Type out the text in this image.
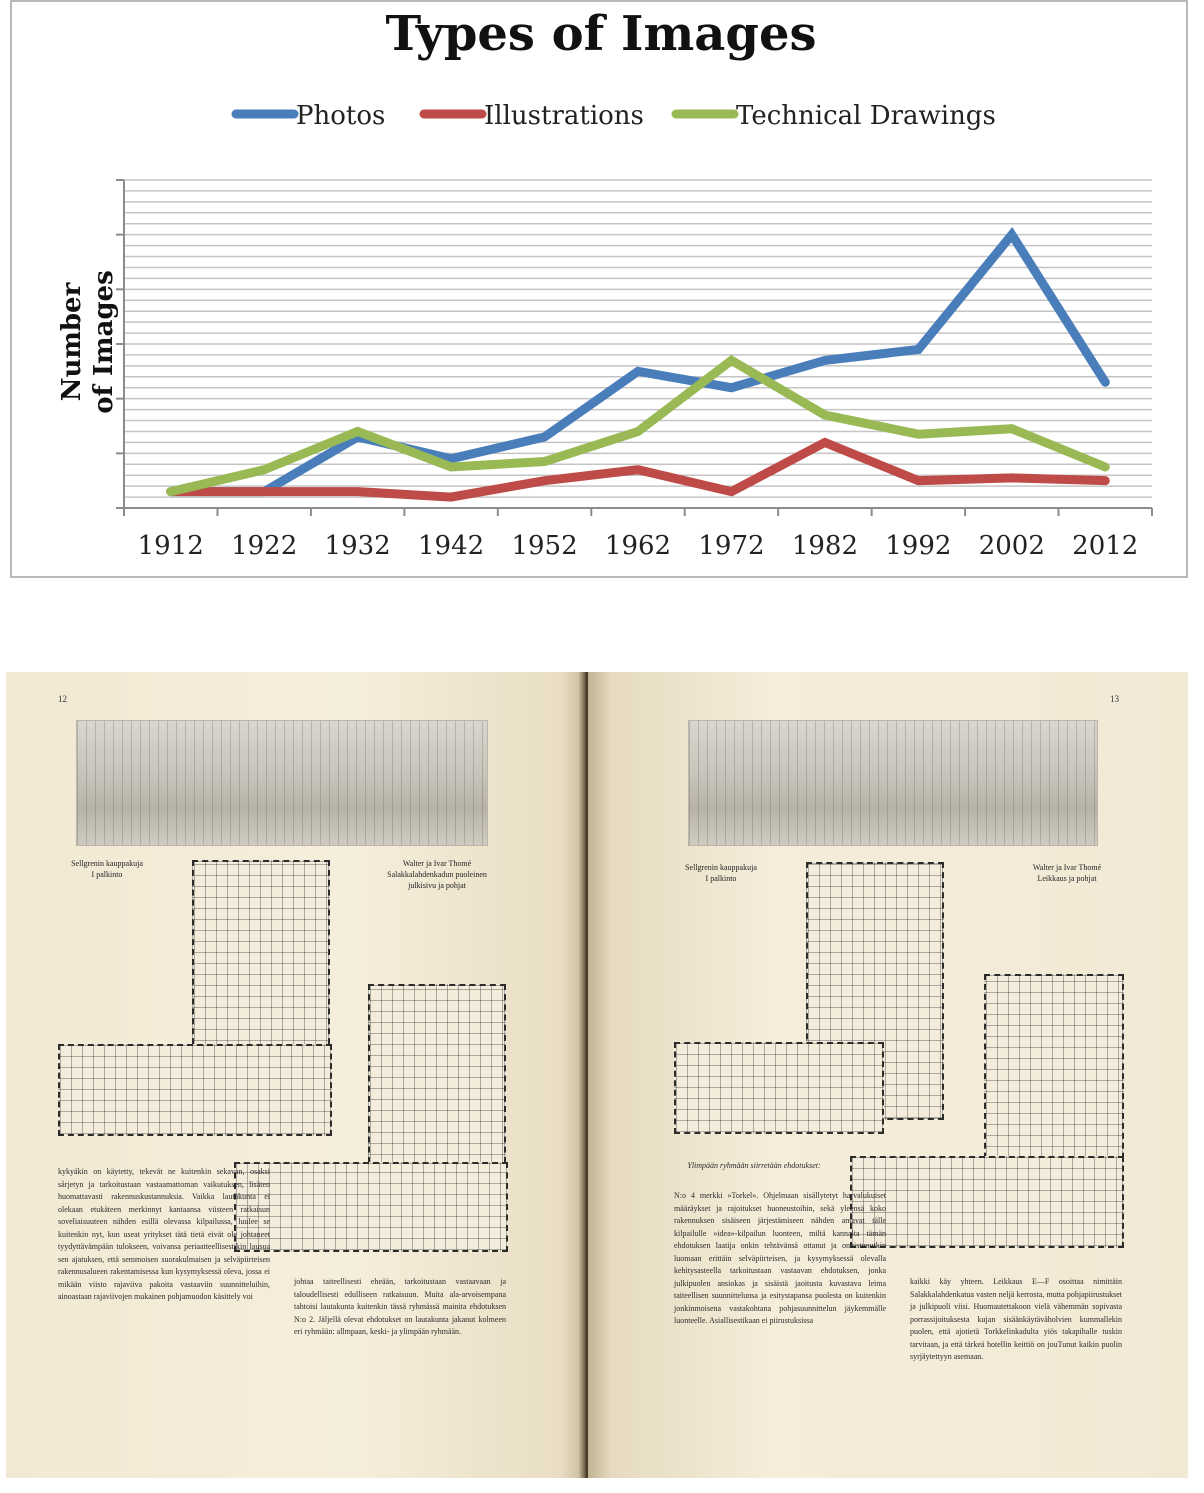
Types of Images
Photos	Illustrations	Technical Drawings
1912 1922 1932 1942 1952 1962 1972 1982 1992 2002 2012
Number of Images
12
Sellgrenin kauppakuja
I palkinto
Walter ja Ivar Thomé
Salakkalahdenkadun puoleinen
julkisivu ja pohjat
kykyäkin on käytetty, tekevät ne kuitenkin sekavan, osaksi sårjetyn ja tarkoitustaan vastaamattoman vaikutuksen, lisäten huomattavasti rakennuskustannuksia. Vaikka lautakunta ei olekaan etukäteen merkinnyt kantaansa viisteen ratkaisun soveliaisuuteen nähden esillä olevassa kilpailussa, luulee se kuitenkin nyt, kun useat yritykset tätä tietä eivät ole johtaneet tyydyttävämpään tulokseen, voivansa periaatteellisestikin lausua sen ajatuksen, että semmoisen suorakulmaisen ja selväpiirteisen rakennusalueen rakentamisessa kun kysymyksessä oleva, jossa ei mikään viisto rajaviiva pakoita vastaaviin suunnitteluihin, ainoastaan rajaviivojen mukainen pohjamuodon käsittely voi
johtaa taiteellisesti eheään, tarkoitustaan vastaavaan ja taloudellisesti edulliseen ratkaisuun. Muita ala-arvoisempana tahtoisi lautakunta kuitenkin tässä ryhmässä mainita ehdotuksen N:o 2. Jäljellä olevat ehdotukset on lautakunta jakanut kolmeen eri ryhmään: allmpaan, keski- ja ylimpään ryhmään.
13
Sellgrenin kauppakuja
I palkinto
Walter ja Ivar Thomé
Leikkaus ja pohjat
Ylimpään ryhmään siirretään ehdotukset:
N:o 4 merkki »Torkel». Ohjelmaan sisällytetyt harvalukuiset määräykset ja rajoitukset huoneustoihin, sekä yleensä koko rakennuksen sisäiseen järjestämiseen nähden antavat tälle kilpailulle »idea»-kilpailun luonteen, miltä kannalta tämän ehdotuksen laatija onkin tehtävänsä ottanut ja onnistunutkin luomaan erittäin selväpiirteisen, ja kysymyksessä olevalla kehitysasteella tarkoitustaan vastaavan ehdotuksen, jonka julkipuolen ansiokas ja sisäistä jaoitusta kuvastava leima taiteellisen suunnittelunsa ja esitystapansa puolesta on kuitenkin jonkinmoisena vastakohtana pohjasuunnittelun jäykemmälle luonteelle. Asiallisestikaan ei piirustuksissa
kaikki käy yhteen. Leikkaus E—F osoittaa nimittäin Salakkalahdenkatua vasten neljä kerrosta, mutta pohjapiirustukset ja julkipuoli viisi. Huomautettakoon vielä vähemmän sopivasta porrassijoituksesta kujan sisäänkäytäväholvien kummallekin puolen, että ajotietä Torkkelinkadulta yiös takapihalle tuskin tarvitaan, ja että tärkeä hotellin keittiö on jouTunut kaikin puolin syrjäytettyyn asemaan.
